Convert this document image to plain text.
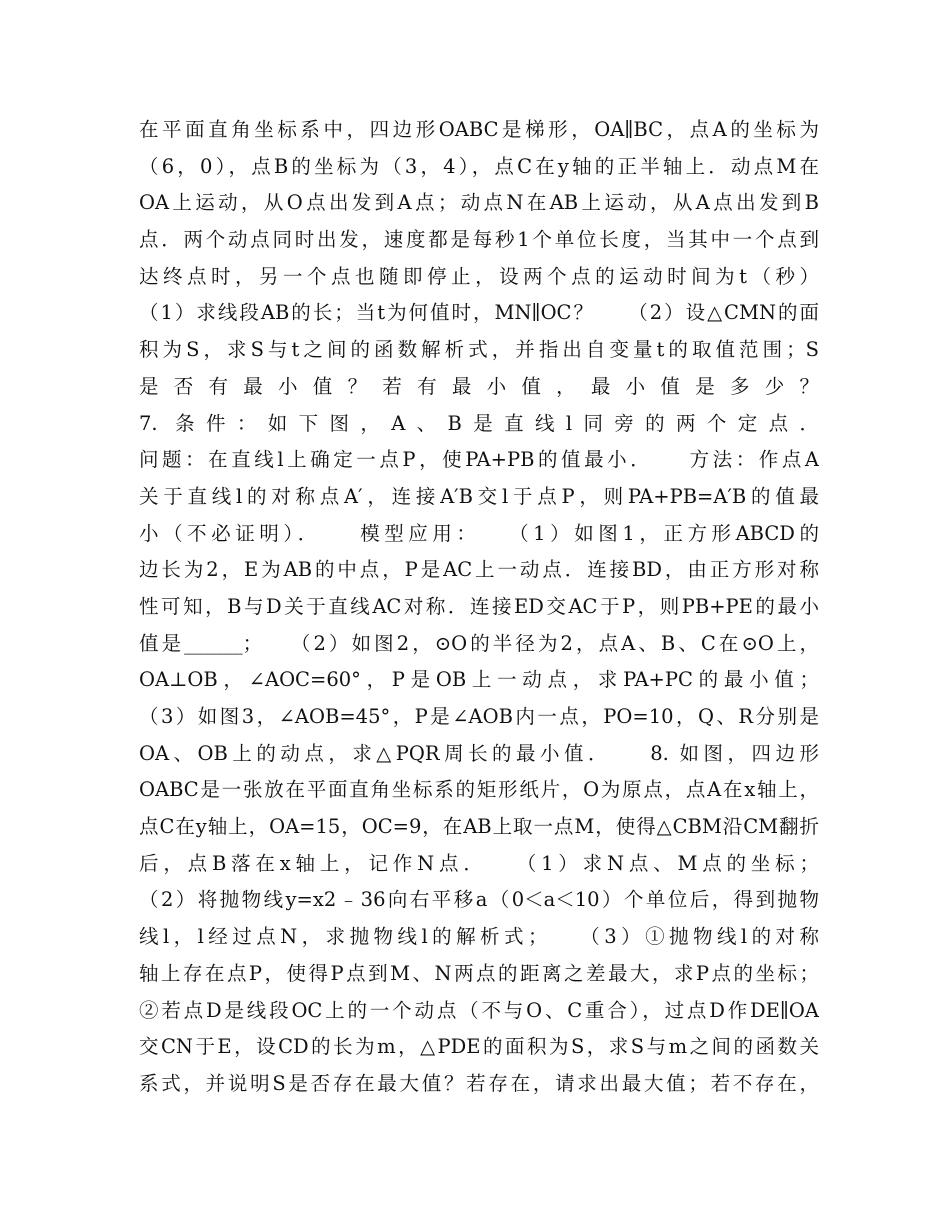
在平面直角坐标系中，四边形OABC是梯形，OA∥BC，点A的坐标为
（6，0），点B的坐标为（3，4），点C在y轴的正半轴上．动点M在
OA上运动，从O点出发到A点；动点N在AB上运动，从A点出发到B
点．两个动点同时出发，速度都是每秒1个单位长度，当其中一个点到
达终点时，另一个点也随即停止，设两个点的运动时间为t（秒）
（1）求线段AB的长；当t为何值时，MN∥OC？　　（2）设△CMN的面
积为S，求S与t之间的函数解析式，并指出自变量t的取值范围；S
是否有最小值？若有最小值，最小值是多少？
7. 条件：如下图，A、B是直线l同旁的两个定点．
问题：在直线l上确定一点P，使PA+PB的值最小．　　方法：作点A
关于直线l的对称点A′，连接A′B交l于点P，则PA+PB=A′B的值最
小（不必证明）．　　模型应用：　　（1）如图1，正方形ABCD的
边长为2，E为AB的中点，P是AC上一动点．连接BD，由正方形对称
性可知，B与D关于直线AC对称．连接ED交AC于P，则PB+PE的最小
值是______；　　（2）如图2，⊙O的半径为2，点A、B、C在⊙O上，
OA⊥OB，∠AOC=60°，P是OB上一动点，求PA+PC的最小值；
（3）如图3，∠AOB=45°，P是∠AOB内一点，PO=10，Q、R分别是
OA、OB上的动点，求△PQR周长的最小值．　　8. 如图，四边形
OABC是一张放在平面直角坐标系的矩形纸片，O为原点，点A在x轴上，
点C在y轴上，OA=15，OC=9，在AB上取一点M，使得△CBM沿CM翻折
后，点B落在x轴上，记作N点．　　（1）求N点、M点的坐标；
（2）将抛物线y=x2﹣36向右平移a（0＜a＜10）个单位后，得到抛物
线l，l经过点N，求抛物线l的解析式；　　（3）①抛物线l的对称
轴上存在点P，使得P点到M、N两点的距离之差最大，求P点的坐标；
②若点D是线段OC上的一个动点（不与O、C重合），过点D作DE∥OA
交CN于E，设CD的长为m，△PDE的面积为S，求S与m之间的函数关
系式，并说明S是否存在最大值？若存在，请求出最大值；若不存在，
